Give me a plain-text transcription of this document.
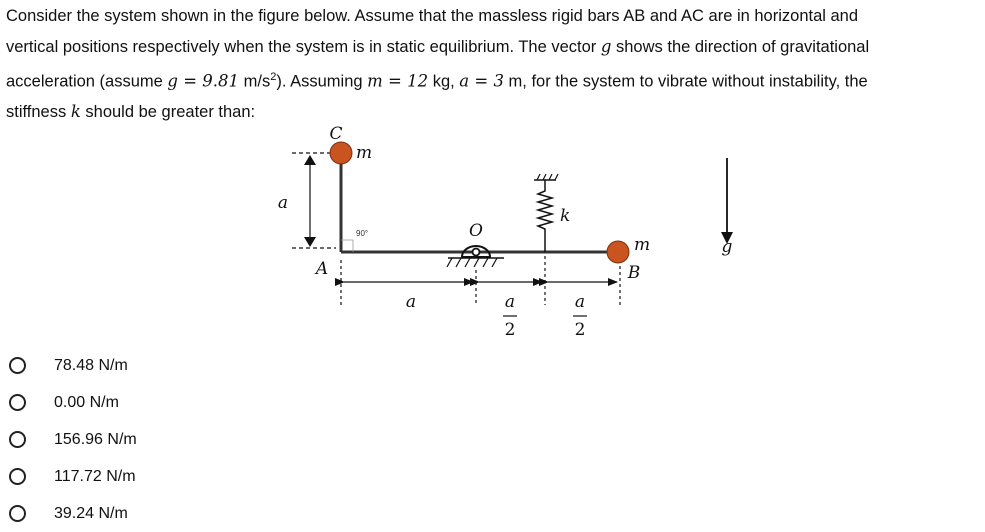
Consider the system shown in the figure below. Assume that the massless rigid bars AB and AC are in horizontal and
vertical positions respectively when the system is in static equilibrium. The vector g shows the direction of gravitational
acceleration (assume g = 9.81 $m/s^2$). Assuming m = 12 kg, a = 3 m, for the system to vibrate without instability, the
stiffness k should be greater than:
C
m
a
90°
A
O
k
m
B
g
a	a
2
a
2
78.48 N/m
0.00 N/m
156.96 N/m
117.72 N/m
39.24 N/m
